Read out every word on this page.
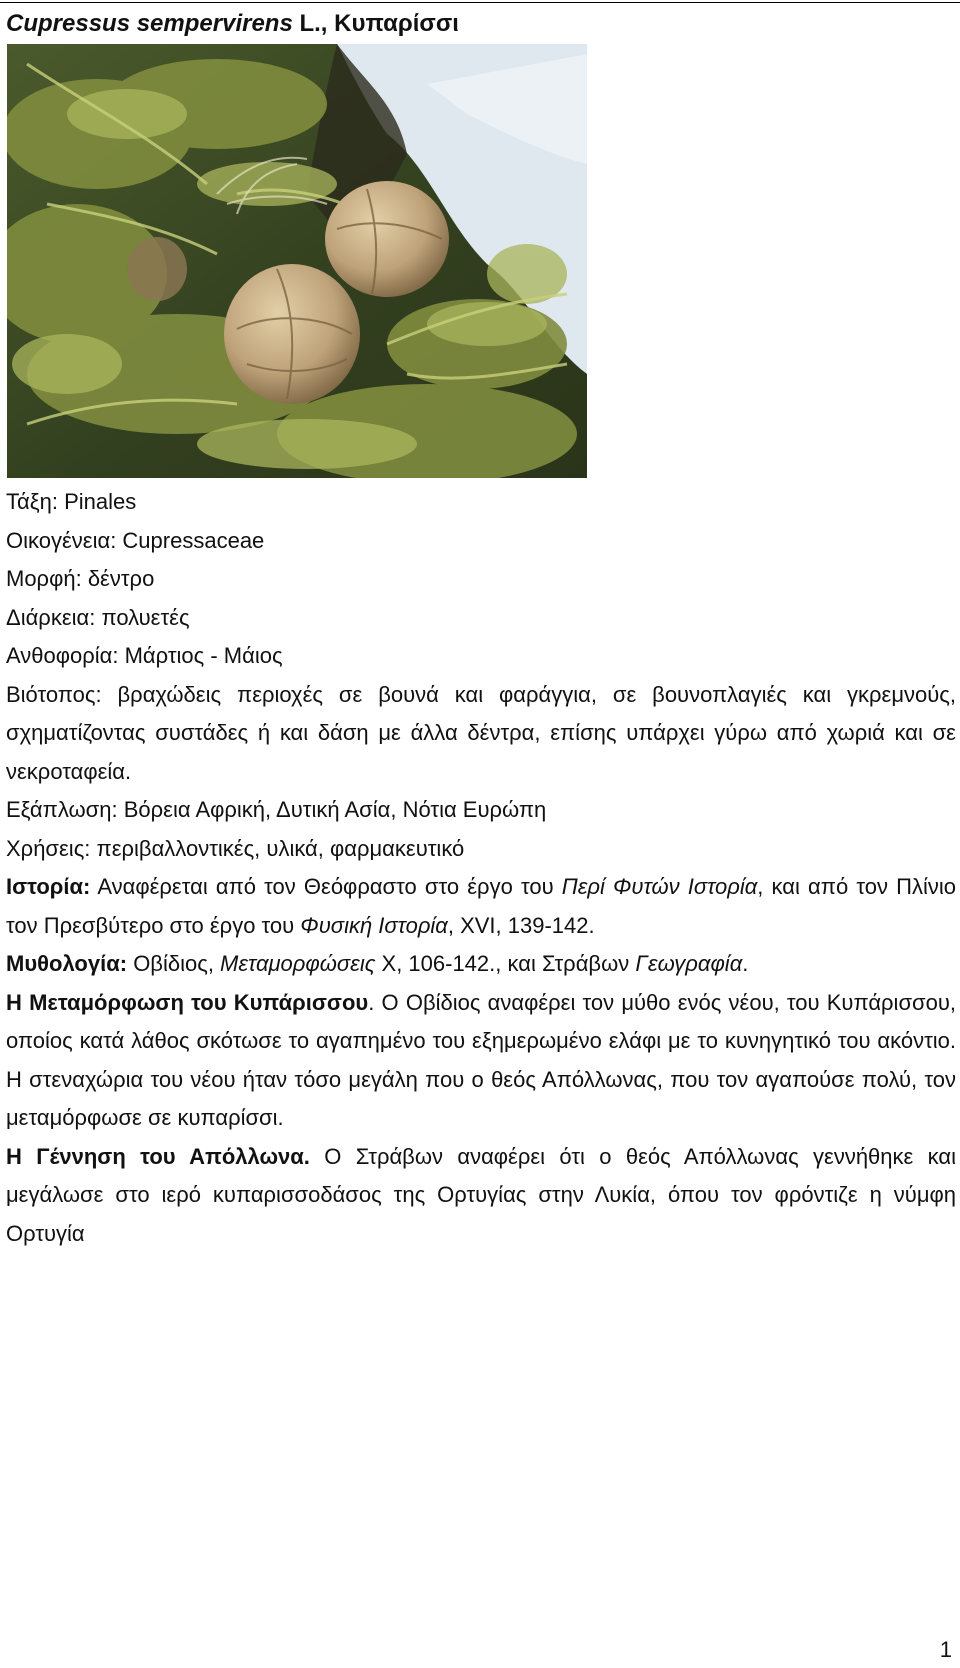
Cupressus sempervirens L., Κυπαρίσσι

Τάξη: Pinales

Οικογένεια: Cupressaceae

Μορφή: δέντρο

Διάρκεια: πολυετές

Ανθοφορία: Μάρτιος - Μάιος

Βιότοπος: βραχώδεις περιοχές σε βουνά και φαράγγια, σε βουνοπλαγιές και γκρεμνούς, σχηματίζοντας συστάδες ή και δάση με άλλα δέντρα, επίσης υπάρχει γύρω από χωριά και σε νεκροταφεία.

Εξάπλωση: Βόρεια Αφρική, Δυτική Ασία, Νότια Ευρώπη

Χρήσεις: περιβαλλοντικές, υλικά, φαρμακευτικό

Ιστορία: Αναφέρεται από τον Θεόφραστο στο έργο του Περί Φυτών Ιστορία, και από τον Πλίνιο τον Πρεσβύτερο στο έργο του Φυσική Ιστορία, XVI, 139-142.

Μυθολογία: Οβίδιος, Μεταμορφώσεις X, 106-142., και Στράβων Γεωγραφία.

Η Μεταμόρφωση του Κυπάρισσου. Ο Οβίδιος αναφέρει τον μύθο ενός νέου, του Κυπάρισσου, οποίος κατά λάθος σκότωσε το αγαπημένο του εξημερωμένο ελάφι με το κυνηγητικό του ακόντιο. Η στεναχώρια του νέου ήταν τόσο μεγάλη που ο θεός Απόλλωνας, που τον αγαπούσε πολύ, τον μεταμόρφωσε σε κυπαρίσσι.

Η Γέννηση του Απόλλωνα. Ο Στράβων αναφέρει ότι ο θεός Απόλλωνας γεννήθηκε και μεγάλωσε στο ιερό κυπαρισσοδάσος της Ορτυγίας στην Λυκία, όπου τον φρόντιζε η νύμφη Ορτυγία

1
